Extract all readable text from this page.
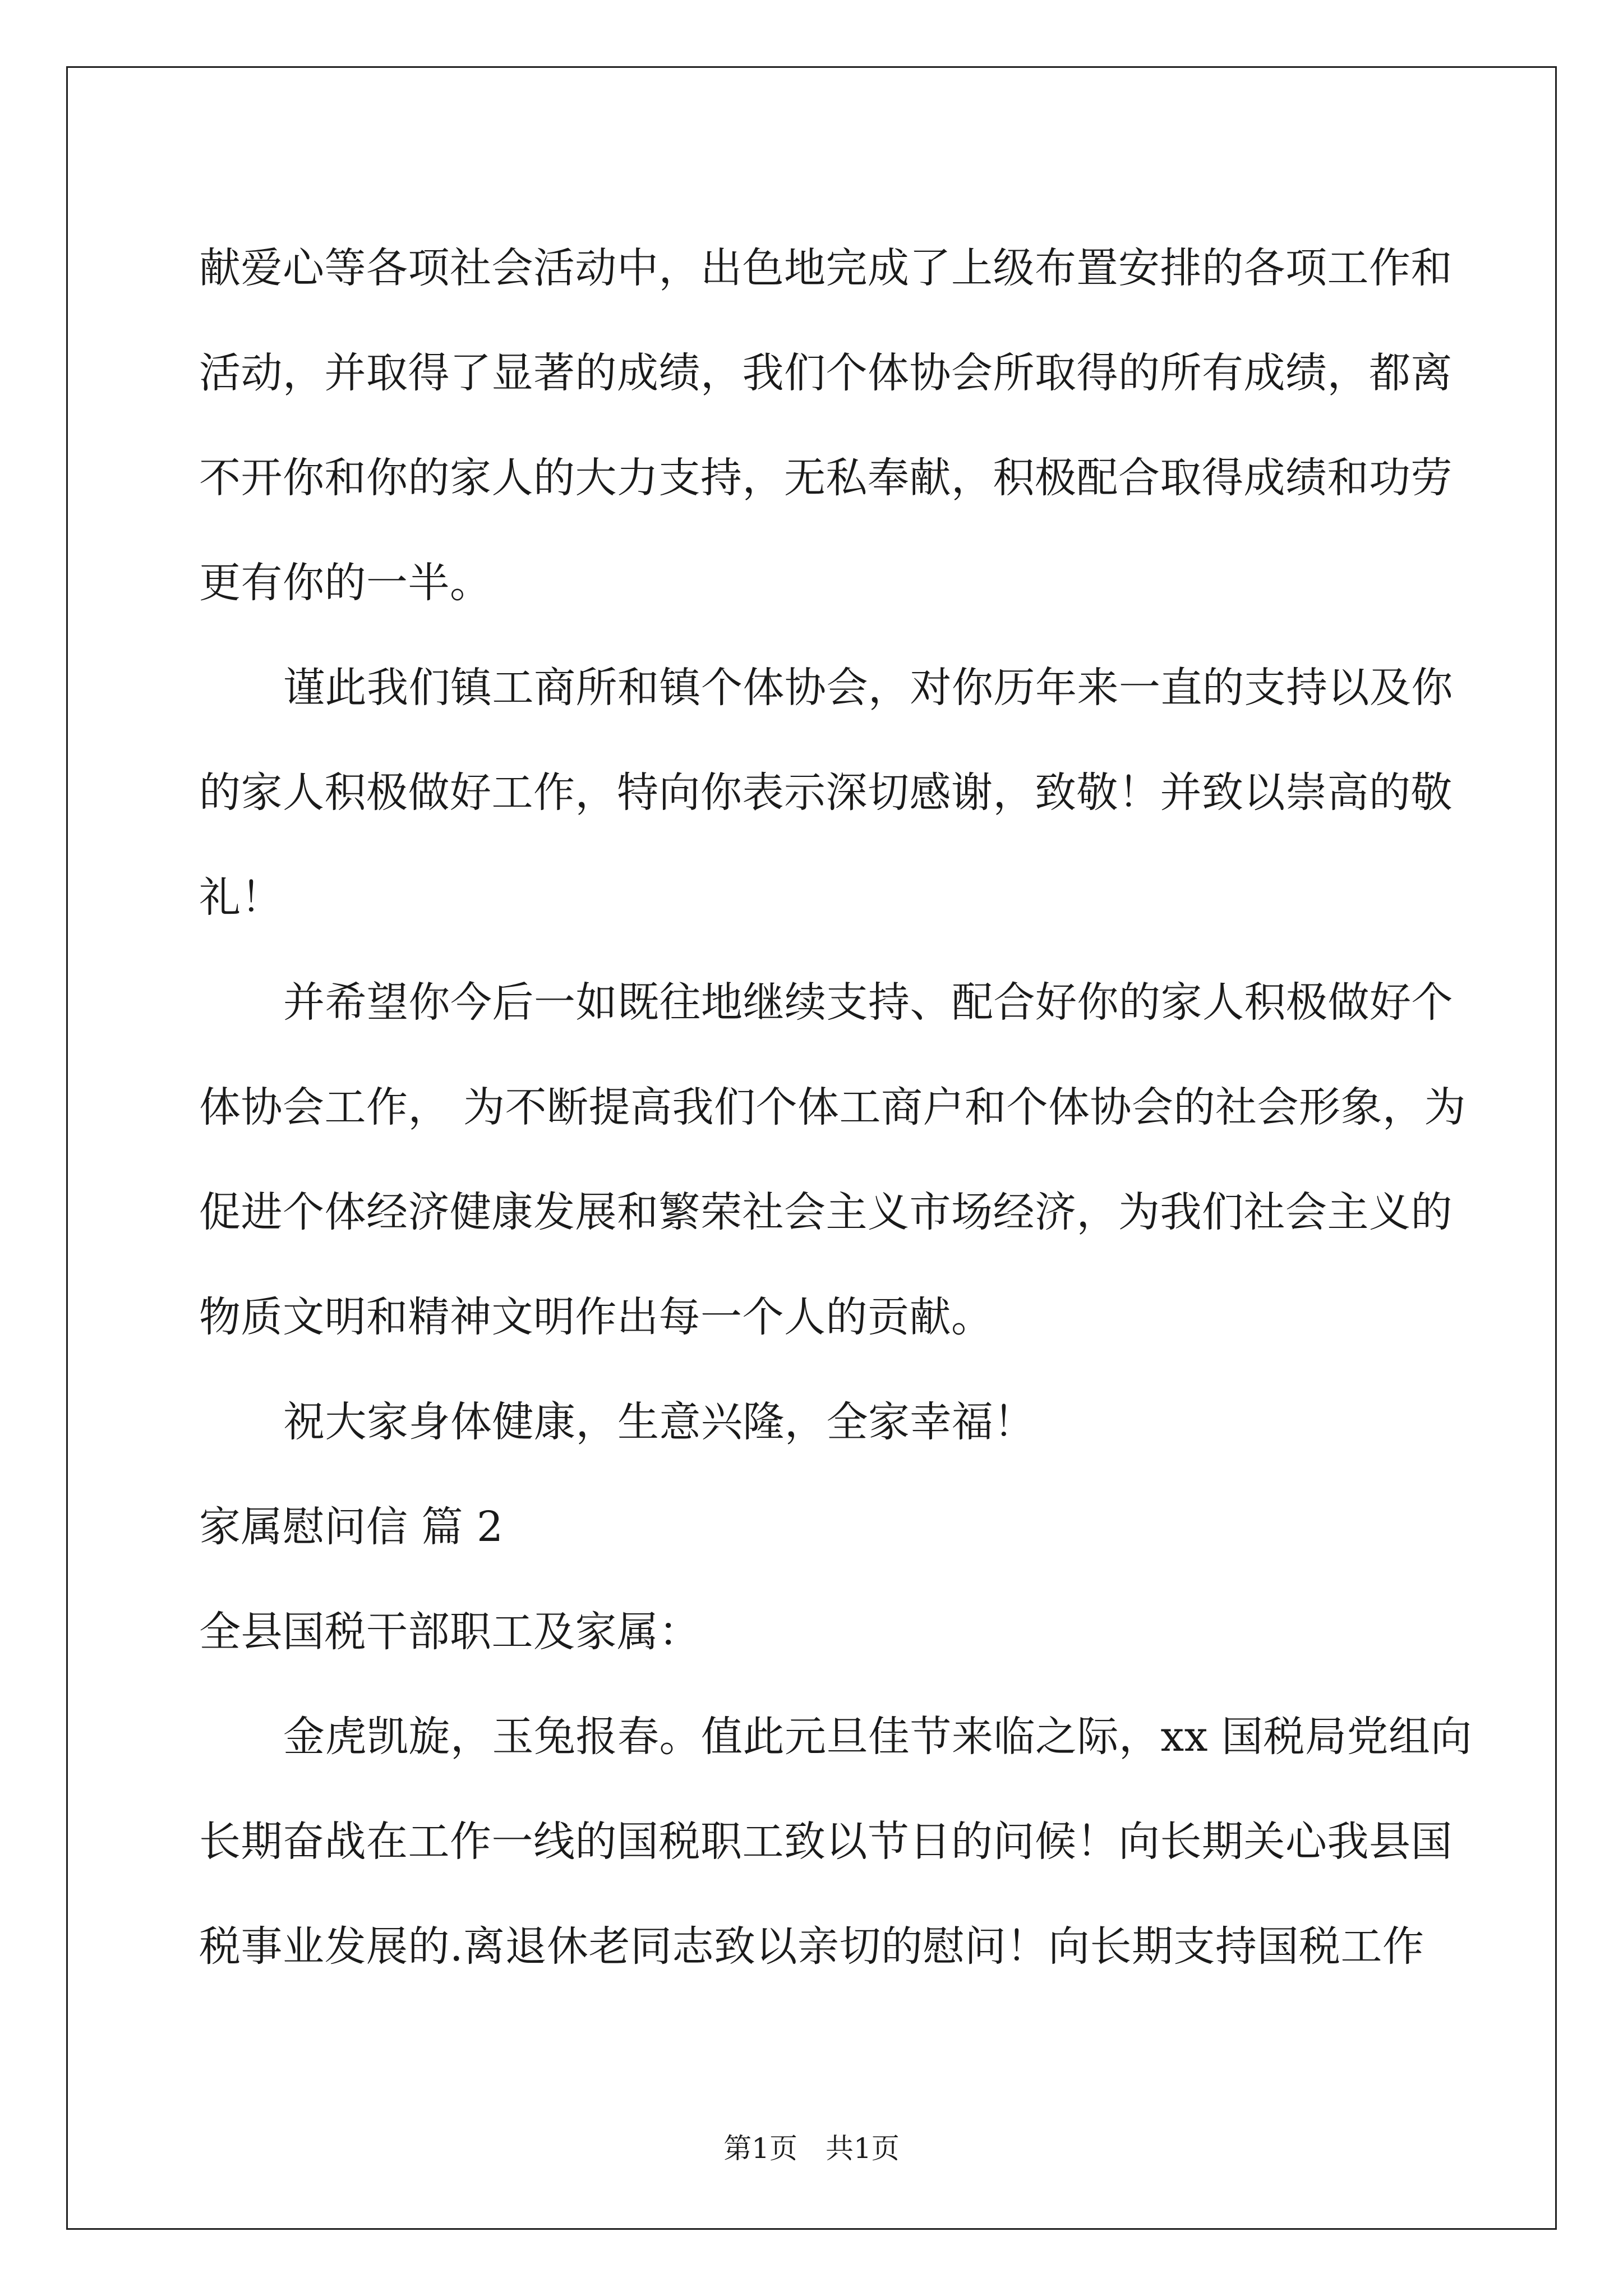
献爱心等各项社会活动中，出色地完成了上级布置安排的各项工作和
活动，并取得了显著的成绩，我们个体协会所取得的所有成绩，都离
不开你和你的家人的大力支持，无私奉献，积极配合取得成绩和功劳
更有你的一半。
谨此我们镇工商所和镇个体协会，对你历年来一直的支持以及你
的家人积极做好工作，特向你表示深切感谢，致敬！并致以崇高的敬
礼！
并希望你今后一如既往地继续支持、配合好你的家人积极做好个
体协会工作， 为不断提高我们个体工商户和个体协会的社会形象，为
促进个体经济健康发展和繁荣社会主义市场经济，为我们社会主义的
物质文明和精神文明作出每一个人的贡献。
祝大家身体健康，生意兴隆，全家幸福！
家属慰问信 篇 2
全县国税干部职工及家属：
金虎凯旋，玉兔报春。值此元旦佳节来临之际，xx 国税局党组向
长期奋战在工作一线的国税职工致以节日的问候！向长期关心我县国
税事业发展的.离退休老同志致以亲切的慰问！向长期支持国税工作
第1页　共1页
